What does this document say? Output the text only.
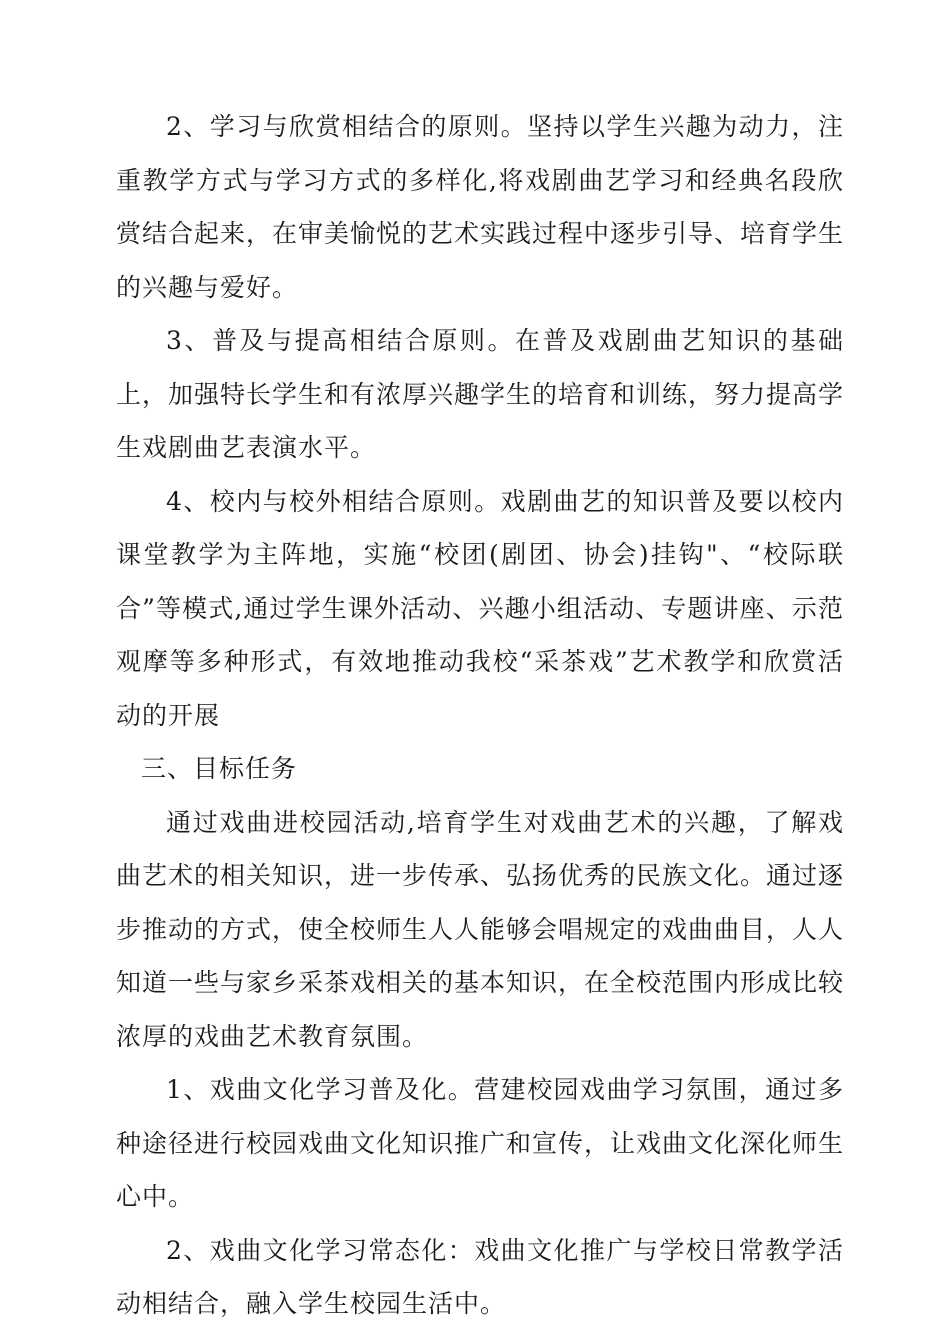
2、学习与欣赏相结合的原则。坚持以学生兴趣为动力，注重教学方式与学习方式的多样化,将戏剧曲艺学习和经典名段欣赏结合起来，在审美愉悦的艺术实践过程中逐步引导、培育学生的兴趣与爱好。

3、普及与提高相结合原则。在普及戏剧曲艺知识的基础上，加强特长学生和有浓厚兴趣学生的培育和训练，努力提高学生戏剧曲艺表演水平。

4、校内与校外相结合原则。戏剧曲艺的知识普及要以校内课堂教学为主阵地，实施“校团(剧团、协会)挂钩"、“校际联合”等模式,通过学生课外活动、兴趣小组活动、专题讲座、示范观摩等多种形式，有效地推动我校“采茶戏”艺术教学和欣赏活动的开展

三、目标任务

通过戏曲进校园活动,培育学生对戏曲艺术的兴趣，了解戏曲艺术的相关知识，进一步传承、弘扬优秀的民族文化。通过逐步推动的方式，使全校师生人人能够会唱规定的戏曲曲目，人人知道一些与家乡采茶戏相关的基本知识，在全校范围内形成比较浓厚的戏曲艺术教育氛围。

1、戏曲文化学习普及化。营建校园戏曲学习氛围，通过多种途径进行校园戏曲文化知识推广和宣传，让戏曲文化深化师生心中。

2、戏曲文化学习常态化：戏曲文化推广与学校日常教学活动相结合，融入学生校园生活中。
